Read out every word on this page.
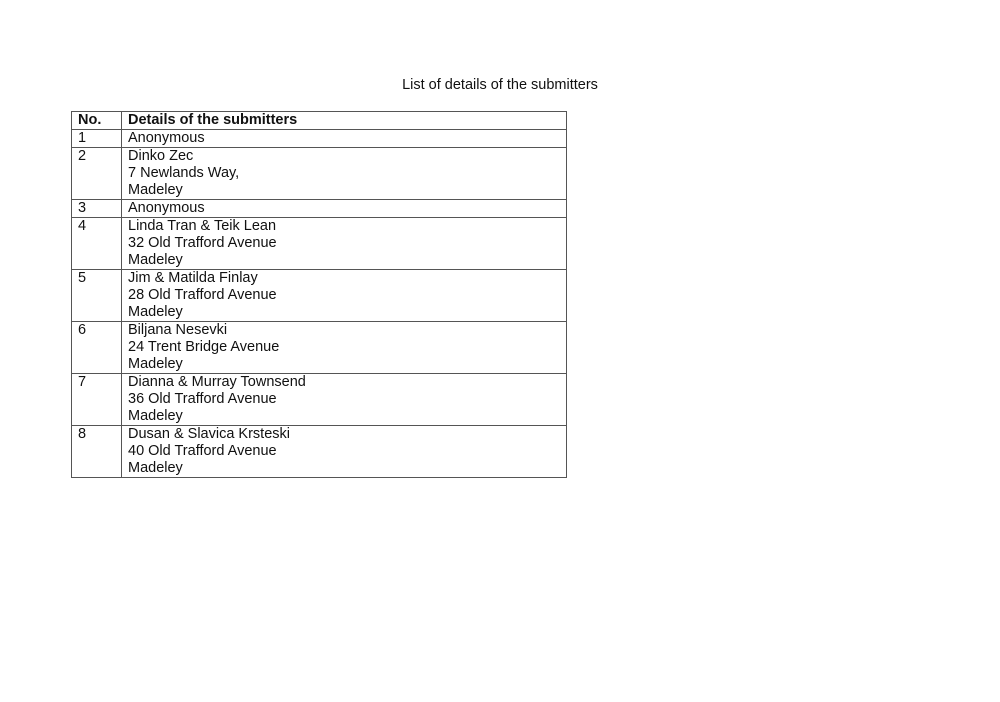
List of details of the submitters
No.	Details of the submitters
1	Anonymous

2	Dinko Zec
7 Newlands Way,
Madeley

3	Anonymous

4	Linda Tran & Teik Lean
32 Old Trafford Avenue
Madeley

5	Jim & Matilda Finlay
28 Old Trafford Avenue
Madeley

6	Biljana Nesevki
24 Trent Bridge Avenue
Madeley

7	Dianna & Murray Townsend
36 Old Trafford Avenue
Madeley

8	Dusan & Slavica Krsteski
40 Old Trafford Avenue
Madeley
